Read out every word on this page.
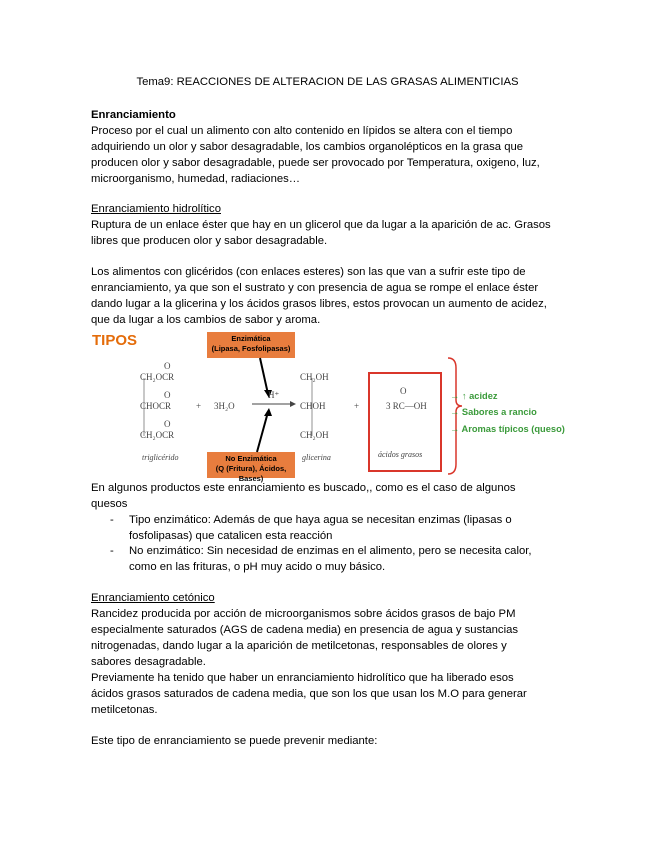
Tema9: REACCIONES DE ALTERACION DE LAS GRASAS ALIMENTICIAS
Enranciamiento
Proceso por el cual un alimento con alto contenido en lípidos se altera con el tiempo
adquiriendo un olor y sabor desagradable, los cambios organolépticos en la grasa que
producen olor y sabor desagradable, puede ser provocado por Temperatura, oxigeno, luz,
microorganismo, humedad, radiaciones…
Enranciamiento hidrolítico
Ruptura de un enlace éster que hay en un glicerol que da lugar a la aparición de ac. Grasos
libres que producen olor y sabor desagradable.
Los alimentos con glicéridos (con enlaces esteres) son las que van a sufrir este tipo de
enranciamiento, ya que son el sustrato y con presencia de agua se rompe el enlace éster
dando lugar a la glicerina y los ácidos grasos libres, estos provocan un aumento de acidez,
que da lugar a los cambios de sabor y aroma.
TIPOS	Enzimática
(Lipasa, Fosfolipasas)
No Enzimática
(Q (Fritura), Ácidos, Bases)
O
CH₂OCR
O
CHOCR
O
CH₂OCR
triglicérido
+ 3H₂O
H⁺
CH₂OH
CHOH
CH₂OH
glicerina
+
O
3 RC—OH
ácidos grasos
→ ↑ acidez
→ Sabores a rancio
→ Aromas típicos (queso)
En algunos productos este enranciamiento es buscado,, como es el caso de algunos
quesos
- Tipo enzimático: Además de que haya agua se necesitan enzimas (lipasas o
fosfolipasas) que catalicen esta reacción
- No enzimático: Sin necesidad de enzimas en el alimento, pero se necesita calor,
como en las frituras, o pH muy acido o muy básico.
Enranciamiento cetónico
Rancidez producida por acción de microorganismos sobre ácidos grasos de bajo PM
especialmente saturados (AGS de cadena media) en presencia de agua y sustancias
nitrogenadas, dando lugar a la aparición de metilcetonas, responsables de olores y
sabores desagradable.
Previamente ha tenido que haber un enranciamiento hidrolítico que ha liberado esos
ácidos grasos saturados de cadena media, que son los que usan los M.O para generar
metilcetonas.
Este tipo de enranciamiento se puede prevenir mediante:
